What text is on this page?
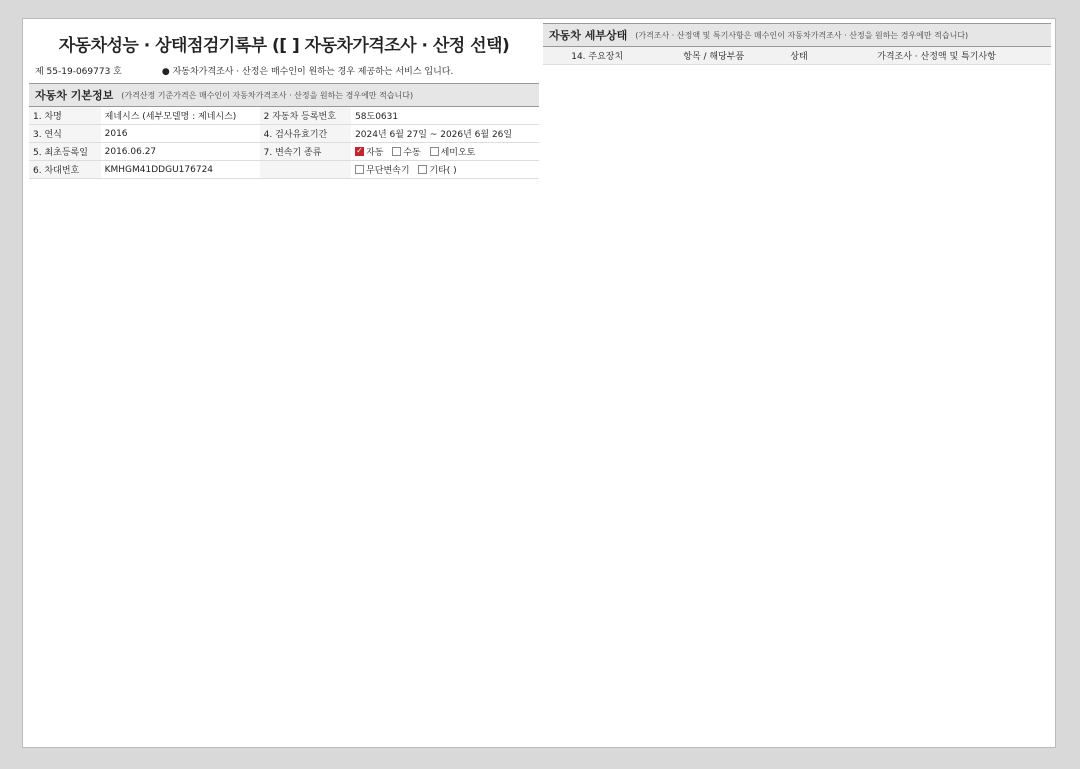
자동차성능 · 상태점검기록부 ([ ] 자동차가격조사 · 산정 선택)
제 55-19-069773 호	● 자동차가격조사 · 산정은 매수인이 원하는 경우 제공하는 서비스 입니다.
자동차 기본정보 (가격산정 기준가격은 매수인이 자동차가격조사 · 산정을 원하는 경우에만 적습니다)
1. 차명	제네시스 (세부모델명 : 제네시스)	2 자동차 등록번호	58도0631
3. 연식	2016	4. 검사유효기간	2024년 6월 27일 ~ 2026년 6월 26일
5. 최초등록일	2016.06.27	7. 변속기 종류	✓자동 수동 세미오토
6. 차대번호	KMHGM41DDGU176724		무단변속기 기타( )
자동차 세부상태 (가격조사 · 산정액 및 특기사항은 매수인이 자동차가격조사 · 산정을 원하는 경우에만 적습니다)
14. 주요장치	항목 / 해당부품	상태	가격조사 · 산정액 및 특기사항
